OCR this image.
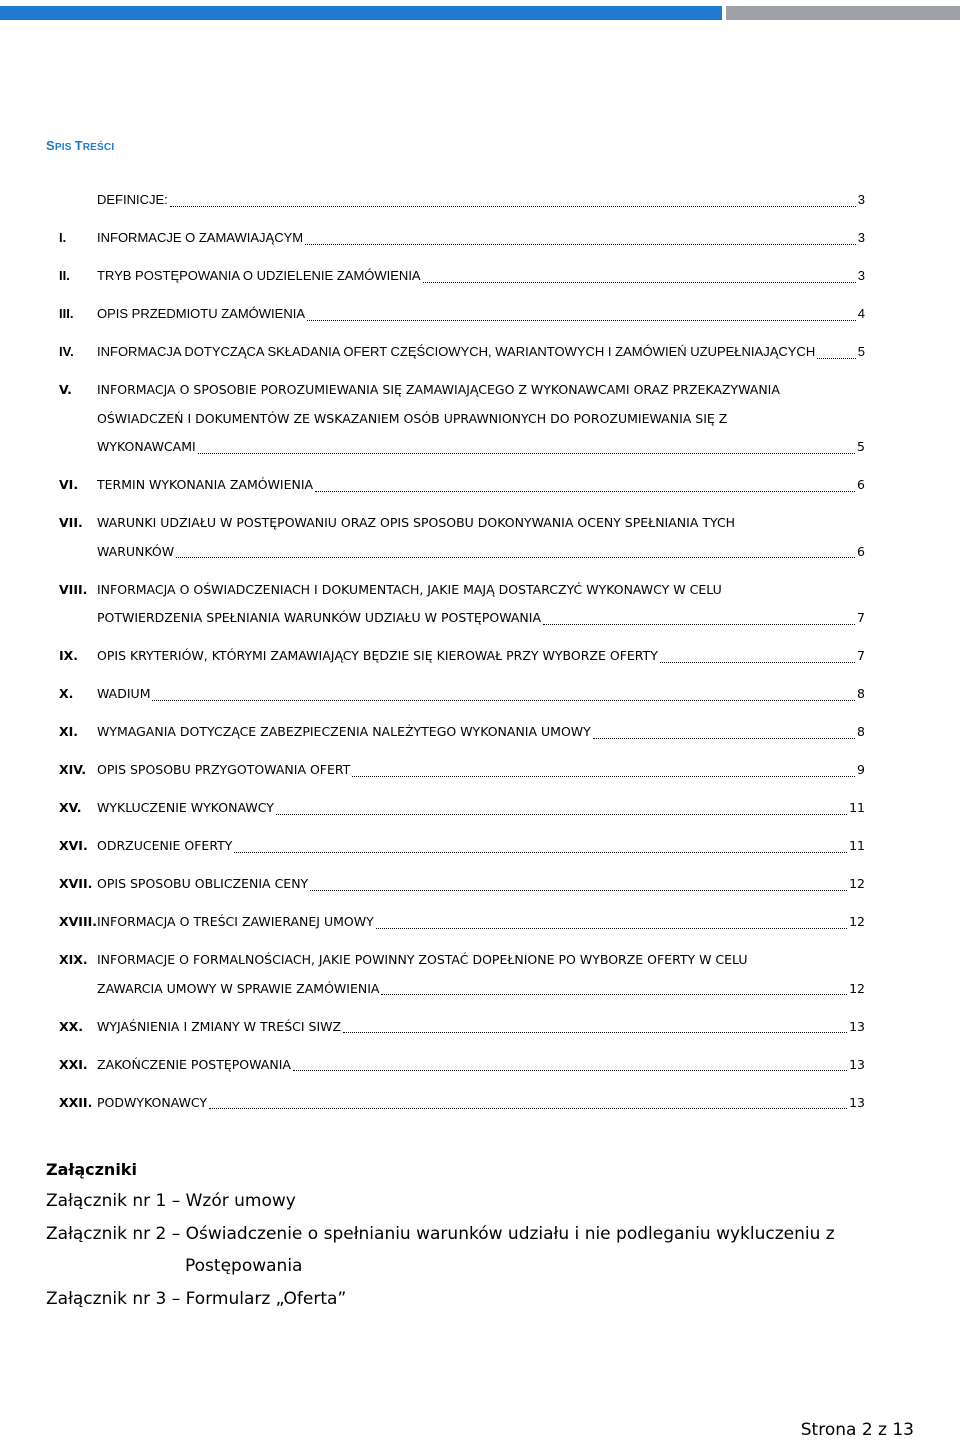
SPIS TREŚCI
DEFINICJE:	3
I.	INFORMACJE O ZAMAWIAJĄCYM	3
II.	TRYB POSTĘPOWANIA O UDZIELENIE ZAMÓWIENIA	3
III.	OPIS PRZEDMIOTU ZAMÓWIENIA	4
IV.	INFORMACJA DOTYCZĄCA SKŁADANIA OFERT CZĘŚCIOWYCH, WARIANTOWYCH I ZAMÓWIEŃ UZUPEŁNIAJĄCYCH	5
V.	INFORMACJA O SPOSOBIE POROZUMIEWANIA SIĘ ZAMAWIAJĄCEGO Z WYKONAWCAMI ORAZ PRZEKAZYWANIA
OŚWIADCZEŃ I DOKUMENTÓW ZE WSKAZANIEM OSÓB UPRAWNIONYCH DO POROZUMIEWANIA SIĘ Z
WYKONAWCAMI	5
VI.	TERMIN WYKONANIA ZAMÓWIENIA	6
VII.	WARUNKI UDZIAŁU W POSTĘPOWANIU ORAZ OPIS SPOSOBU DOKONYWANIA OCENY SPEŁNIANIA TYCH
WARUNKÓW	6
VIII. INFORMACJA O OŚWIADCZENIACH I DOKUMENTACH, JAKIE MAJĄ DOSTARCZYĆ WYKONAWCY W CELU
POTWIERDZENIA SPEŁNIANIA WARUNKÓW UDZIAŁU W POSTĘPOWANIA	7
IX.	OPIS KRYTERIÓW, KTÓRYMI ZAMAWIAJĄCY BĘDZIE SIĘ KIEROWAŁ PRZY WYBORZE OFERTY	7
X.	WADIUM	8
XI.	WYMAGANIA DOTYCZĄCE ZABEZPIECZENIA NALEŻYTEGO WYKONANIA UMOWY	8
XIV. OPIS SPOSOBU PRZYGOTOWANIA OFERT	9
XV.	WYKLUCZENIE WYKONAWCY	11
XVI. ODRZUCENIE OFERTY	11
XVII. OPIS SPOSOBU OBLICZENIA CENY	12
XVIII. INFORMACJA O TREŚCI ZAWIERANEJ UMOWY	12
XIX. INFORMACJE O FORMALNOŚCIACH, JAKIE POWINNY ZOSTAĆ DOPEŁNIONE PO WYBORZE OFERTY W CELU
ZAWARCIA UMOWY W SPRAWIE ZAMÓWIENIA	12
XX.	WYJAŚNIENIA I ZMIANY W TREŚCI SIWZ	13
XXI. ZAKOŃCZENIE POSTĘPOWANIA	13
XXII. PODWYKONAWCY	13
Załączniki
Załącznik nr 1 – Wzór umowy
Załącznik nr 2 – Oświadczenie o spełnianiu warunków udziału i nie podleganiu wykluczeniu z
Postępowania
Załącznik nr 3 – Formularz „Oferta”
Strona 2 z 13
